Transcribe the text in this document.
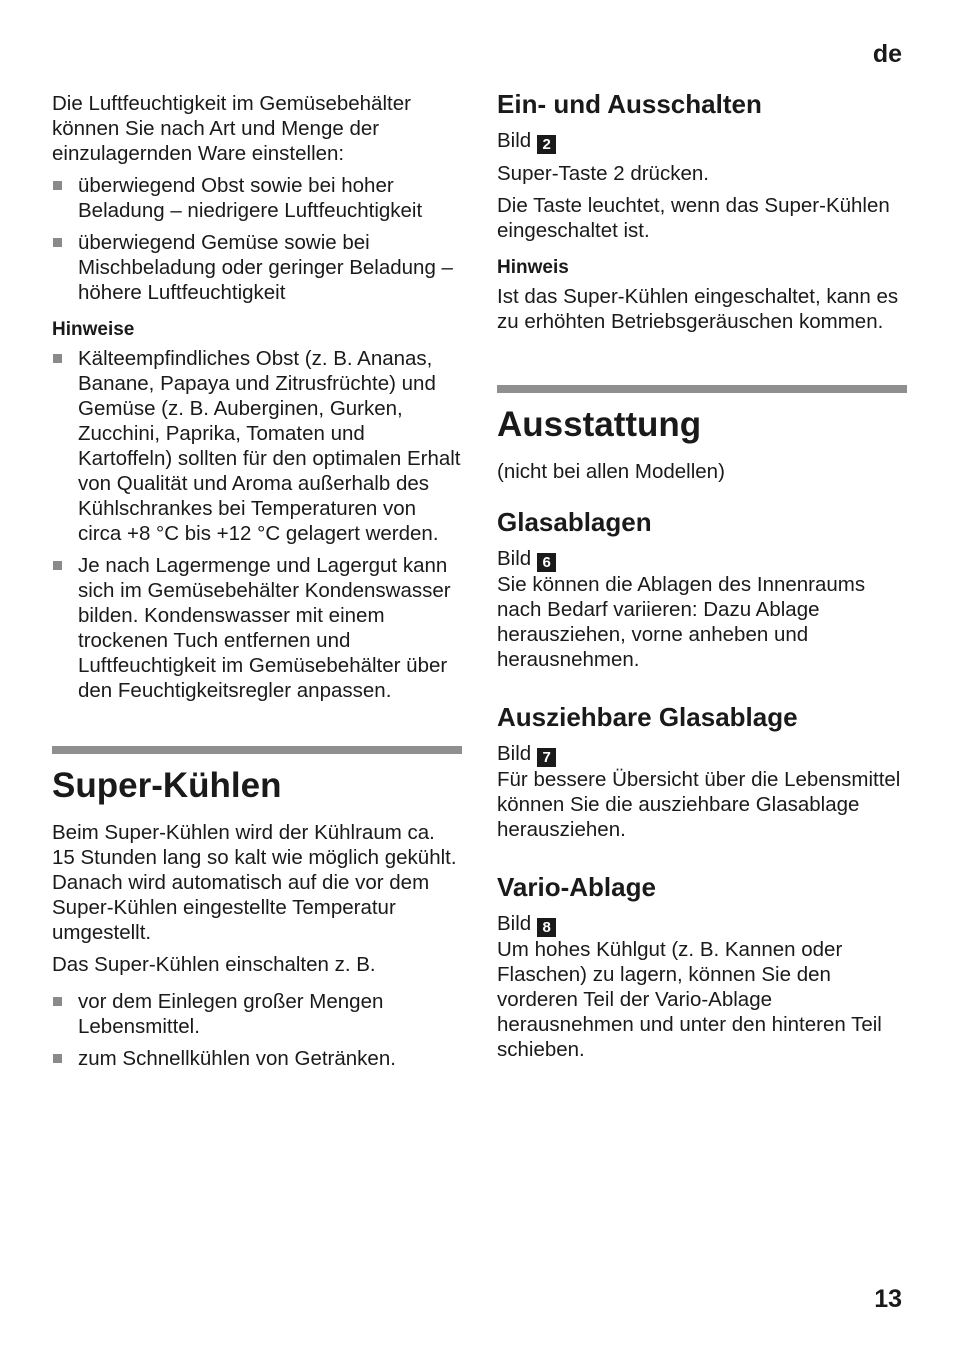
de

Die Luftfeuchtigkeit im Gemüsebehälter können Sie nach Art und Menge der einzulagernden Ware einstellen:

überwiegend Obst sowie bei hoher Beladung – niedrigere Luftfeuchtigkeit
überwiegend Gemüse sowie bei Mischbeladung oder geringer Beladung – höhere Luftfeuchtigkeit
Hinweise
Kälteempfindliches Obst (z. B. Ananas, Banane, Papaya und Zitrusfrüchte) und Gemüse (z. B. Auberginen, Gurken, Zucchini, Paprika, Tomaten und Kartoffeln) sollten für den optimalen Erhalt von Qualität und Aroma außerhalb des Kühlschrankes bei Temperaturen von circa +8 °C bis +12 °C gelagert werden.
Je nach Lagermenge und Lagergut kann sich im Gemüsebehälter Kondenswasser bilden. Kondenswasser mit einem trockenen Tuch entfernen und Luftfeuchtigkeit im Gemüsebehälter über den Feuchtigkeitsregler anpassen.
Super-Kühlen

Beim Super-Kühlen wird der Kühlraum ca. 15 Stunden lang so kalt wie möglich gekühlt. Danach wird automatisch auf die vor dem Super-Kühlen eingestellte Temperatur umgestellt.

Das Super-Kühlen einschalten z. B.

vor dem Einlegen großer Mengen Lebensmittel.
zum Schnellkühlen von Getränken.
Ein- und Ausschalten

Bild 2

Super-Taste 2 drücken.

Die Taste leuchtet, wenn das Super-Kühlen eingeschaltet ist.

Hinweis

Ist das Super-Kühlen eingeschaltet, kann es zu erhöhten Betriebsgeräuschen kommen.

Ausstattung

(nicht bei allen Modellen)

Glasablagen

Bild 6

Sie können die Ablagen des Innenraums nach Bedarf variieren: Dazu Ablage herausziehen, vorne anheben und herausnehmen.

Ausziehbare Glasablage

Bild 7

Für bessere Übersicht über die Lebensmittel können Sie die ausziehbare Glasablage herausziehen.

Vario-Ablage

Bild 8

Um hohes Kühlgut (z. B. Kannen oder Flaschen) zu lagern, können Sie den vorderen Teil der Vario-Ablage herausnehmen und unter den hinteren Teil schieben.

13
